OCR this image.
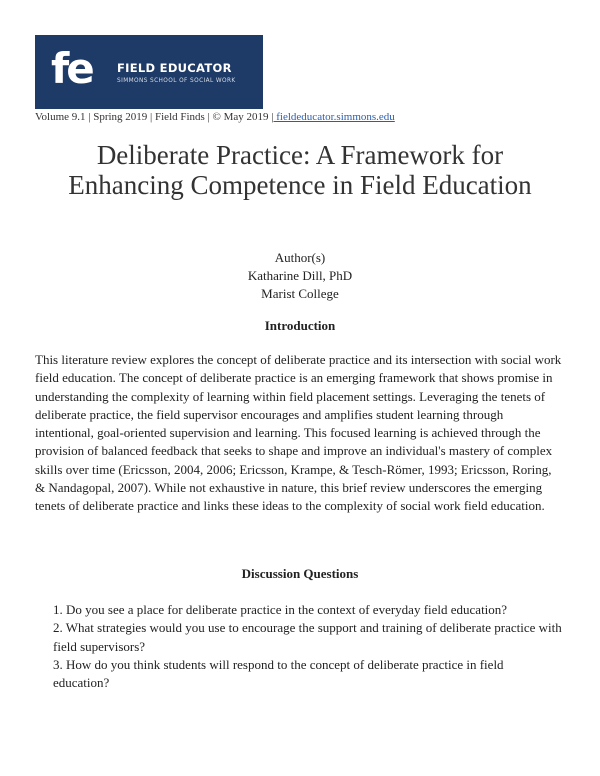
fe FIELD EDUCATOR
SIMMONS SCHOOL OF SOCIAL WORK
Volume 9.1 | Spring 2019 | Field Finds | © May 2019 | fieldeducator.simmons.edu
Deliberate Practice: A Framework for Enhancing Competence in Field Education
Author(s)
Katharine Dill, PhD
Marist College
Introduction

This literature review explores the concept of deliberate practice and its intersection with social work field education. The concept of deliberate practice is an emerging framework that shows promise in understanding the complexity of learning within field placement settings. Leveraging the tenets of deliberate practice, the field supervisor encourages and amplifies student learning through intentional, goal-oriented supervision and learning. This focused learning is achieved through the provision of balanced feedback that seeks to shape and improve an individual's mastery of complex skills over time (Ericsson, 2004, 2006; Ericsson, Krampe, & Tesch-Römer, 1993; Ericsson, Roring, & Nandagopal, 2007). While not exhaustive in nature, this brief review underscores the emerging tenets of deliberate practice and links these ideas to the complexity of social work field education.

Discussion Questions
1. Do you see a place for deliberate practice in the context of everyday field education?
2. What strategies would you use to encourage the support and training of deliberate practice with field supervisors?
3. How do you think students will respond to the concept of deliberate practice in field education?
